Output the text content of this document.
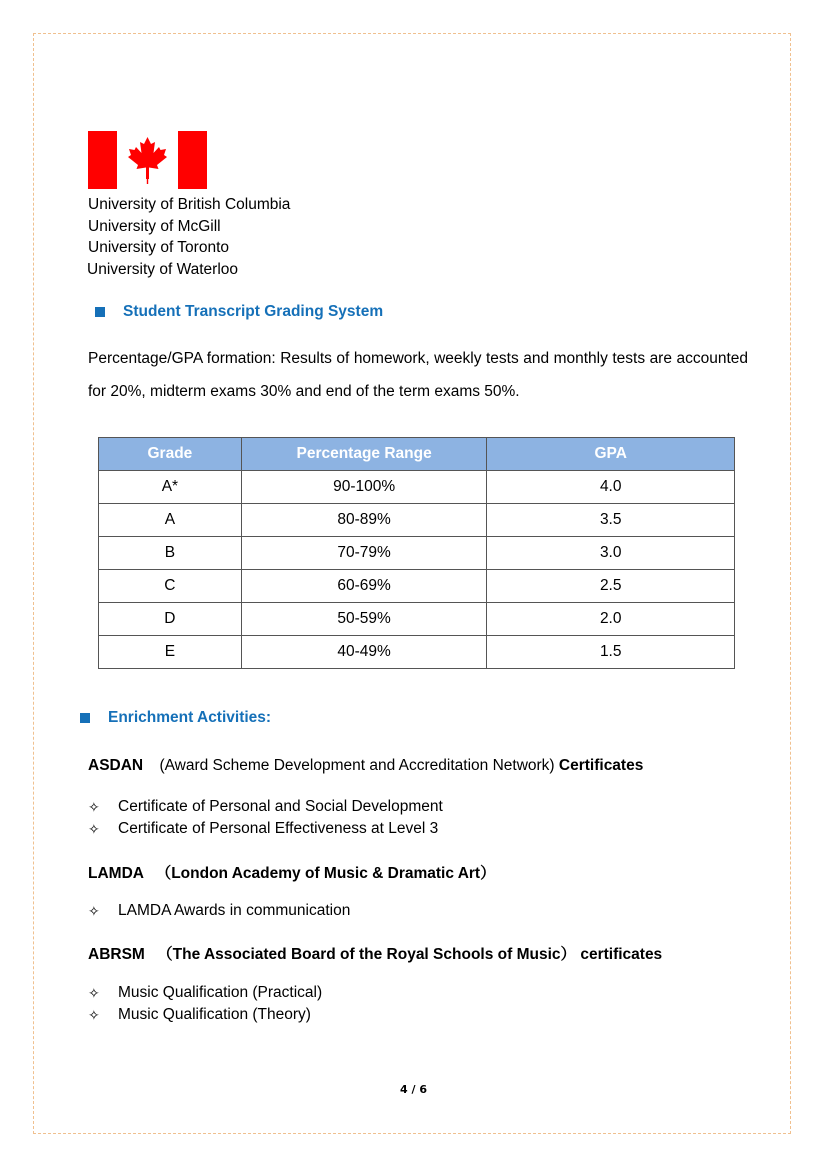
University of British Columbia
University of McGill
University of Toronto
University of Waterloo
Student Transcript Grading System
Percentage/GPA formation: Results of homework, weekly tests and monthly tests are accounted for 20%, midterm exams 30% and end of the term exams 50%.
Grade	Percentage Range	GPA
A*	90-100%	4.0
A	80-89%	3.5
B	70-79%	3.0
C	60-69%	2.5
D	50-59%	2.0
E	40-49%	1.5
Enrichment Activities:
ASDAN (Award Scheme Development and Accreditation Network) Certificates
✧	Certificate of Personal and Social Development
✧	Certificate of Personal Effectiveness at Level 3
LAMDA （London Academy of Music & Dramatic Art）
✧	LAMDA Awards in communication
ABRSM （The Associated Board of the Royal Schools of Music） certificates
✧	Music Qualification (Practical)
✧	Music Qualification (Theory)
4 / 6
